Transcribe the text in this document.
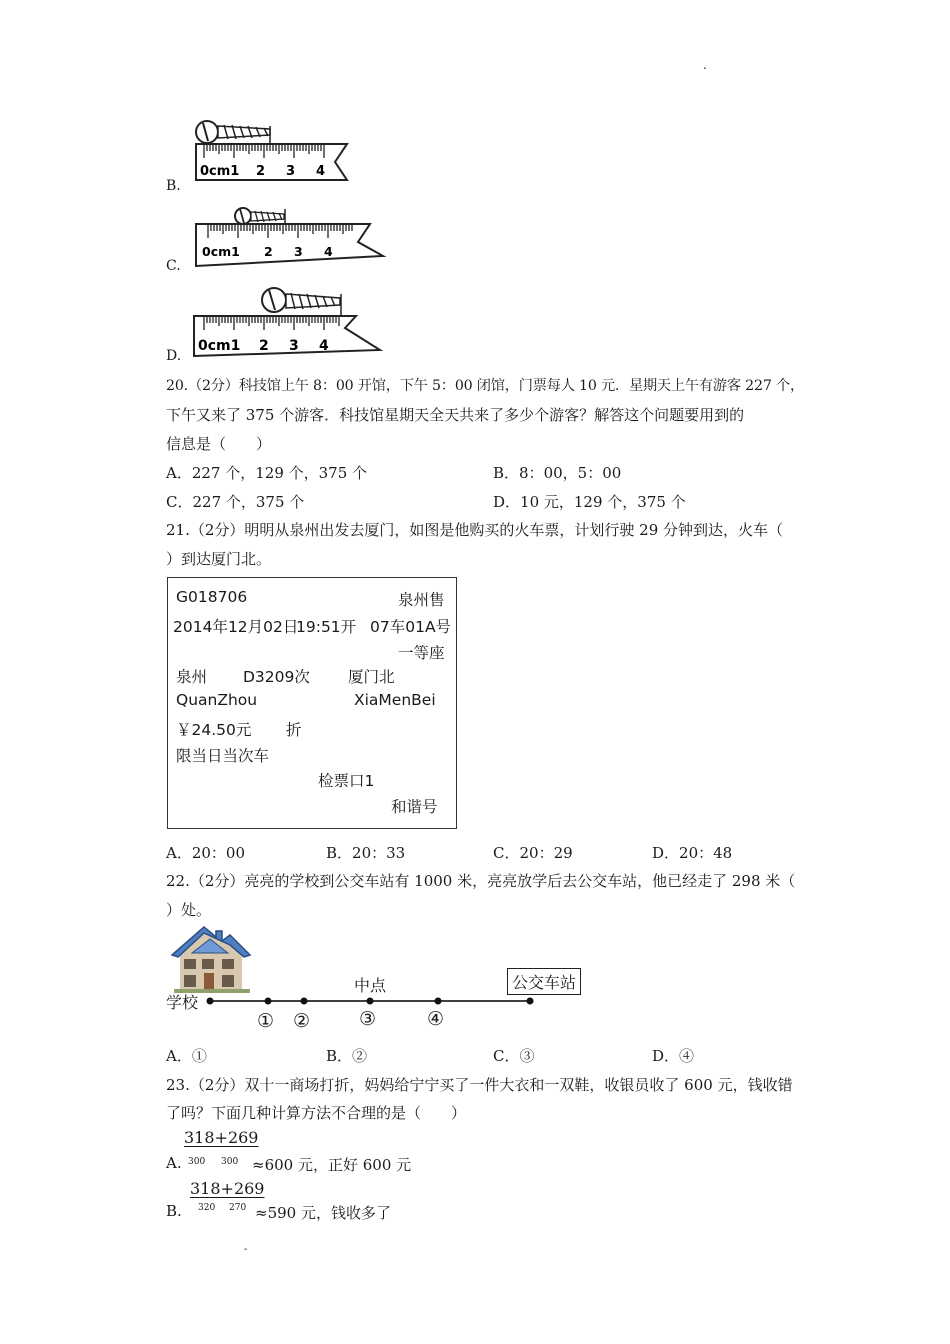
.
B.
0cm1 2 3 4
C.
0cm1 2 3 4
D.
0cm1 2 3 4
20.（2分）科技馆上午 8：00 开馆，下午 5：00 闭馆，门票每人 10 元．星期天上午有游客 227 个，
下午又来了 375 个游客．科技馆星期天全天共来了多少个游客？解答这个问题要用到的
信息是（　　）
A．227 个，129 个，375 个	B．8：00，5：00
C．227 个，375 个	D．10 元，129 个，375 个
21.（2分）明明从泉州出发去厦门，如图是他购买的火车票，计划行驶 29 分钟到达，火车（
）到达厦门北。
G018706	泉州售
2014年12月02日
19:51开 07车01A号
一等座
泉州 D3209次 厦门北
QuanZhou	XiaMenBei
￥24.50元 折
限当日当次车
检票口1
和谐号
A．20：00	B．20：33	C．20：29	D．20：48
22.（2分）亮亮的学校到公交车站有 1000 米，亮亮放学后去公交车站，他已经走了 298 米（
）处。
学校
中点	公交车站
① ②	③	④
A．①	B．②	C．③	D．④
23.（2分）双十一商场打折，妈妈给宁宁买了一件大衣和一双鞋，收银员收了 600 元，钱收错
了吗？下面几种计算方法不合理的是（　　）
318+269
A. 300 300 ≈600 元，正好 600 元
318+269
B. 320 270 ≈590 元，钱收多了
-
